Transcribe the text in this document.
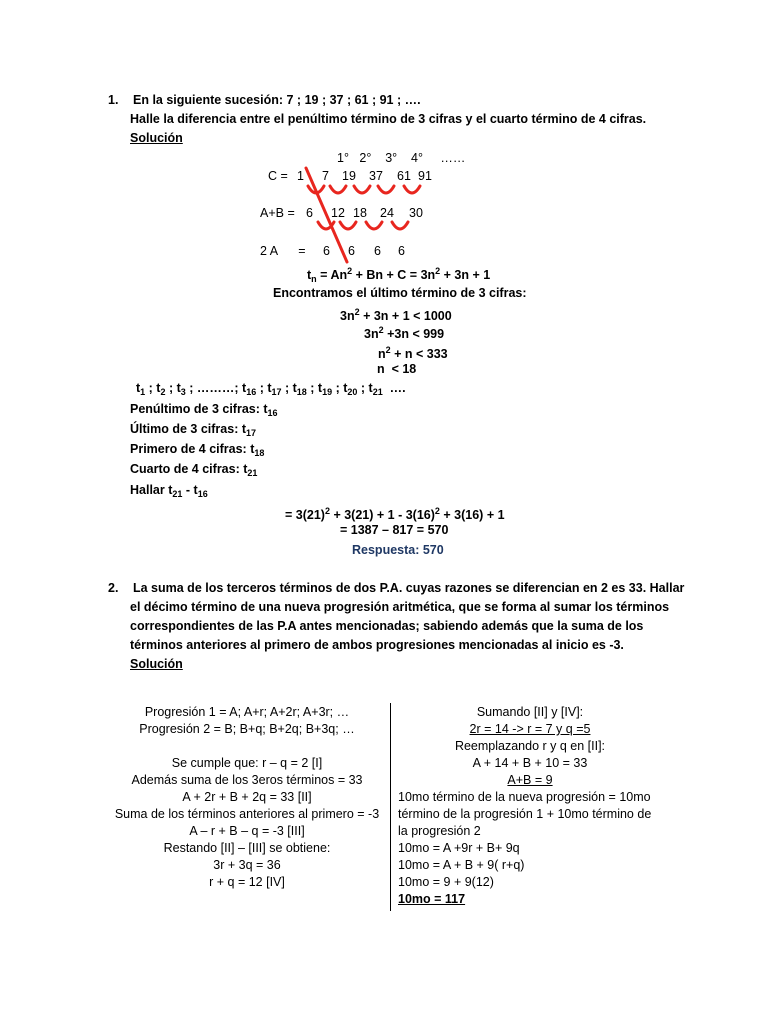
1. En la siguiente sucesión: 7 ; 19 ; 37 ; 61 ; 91 ; ….
Halle la diferencia entre el penúltimo término de 3 cifras y el cuarto término de 4 cifras.
Solución
1°   2°    3°    4°     ……
C = 1 7 19 37 61 91
A+B = 6 12 18 24 30
2 A      = 6 6 6 6
$t_n = An^2 + Bn + C = 3n^2 + 3n + 1$
Encontramos el último término de 3 cifras:
$3n^2 + 3n + 1 < 1000$
$3n^2 +3n < 999$
$n^2 + n < 333$
n  < 18
$t_1$ ; $t_2$ ; $t_3$ ; ………; $t_{16}$ ; $t_{17}$ ; $t_{18}$ ; $t_{19}$ ; $t_{20}$ ; $t_{21}$  ….
Penúltimo de 3 cifras: $t_{16}$
Último de 3 cifras: $t_{17}$
Primero de 4 cifras: $t_{18}$
Cuarto de 4 cifras: $t_{21}$
Hallar $t_{21} - t_{16}$
= $3(21)^2 + 3(21) + 1 - 3(16)^2 + 3(16) + 1$
= 1387 – 817 = 570
Respuesta: 570
2. La suma de los terceros términos de dos P.A. cuyas razones se diferencian en 2 es 33. Hallar
el décimo término de una nueva progresión aritmética, que se forma al sumar los términos
correspondientes de las P.A antes mencionadas; sabiendo además que la suma de los
términos anteriores al primero de ambos progresiones mencionadas al inicio es -3.
Solución
Progresión 1 = A; A+r; A+2r; A+3r; …
Progresión 2 = B; B+q; B+2q; B+3q; …
Se cumple que: r – q = 2 [I]
Además suma de los 3eros términos = 33
A + 2r + B + 2q = 33 [II]
Suma de los términos anteriores al primero = -3
A – r + B – q = -3 [III]
Restando [II] – [III] se obtiene:
3r + 3q = 36
r + q = 12 [IV]
Sumando [II] y [IV]:
2r = 14 -> r = 7 y q =5
Reemplazando r y q en [II]:
A + 14 + B + 10 = 33
A+B = 9
10mo término de la nueva progresión = 10mo
término de la progresión 1 + 10mo término de
la progresión 2
10mo = A +9r + B+ 9q
10mo = A + B + 9( r+q)
10mo = 9 + 9(12)
10mo = 117
